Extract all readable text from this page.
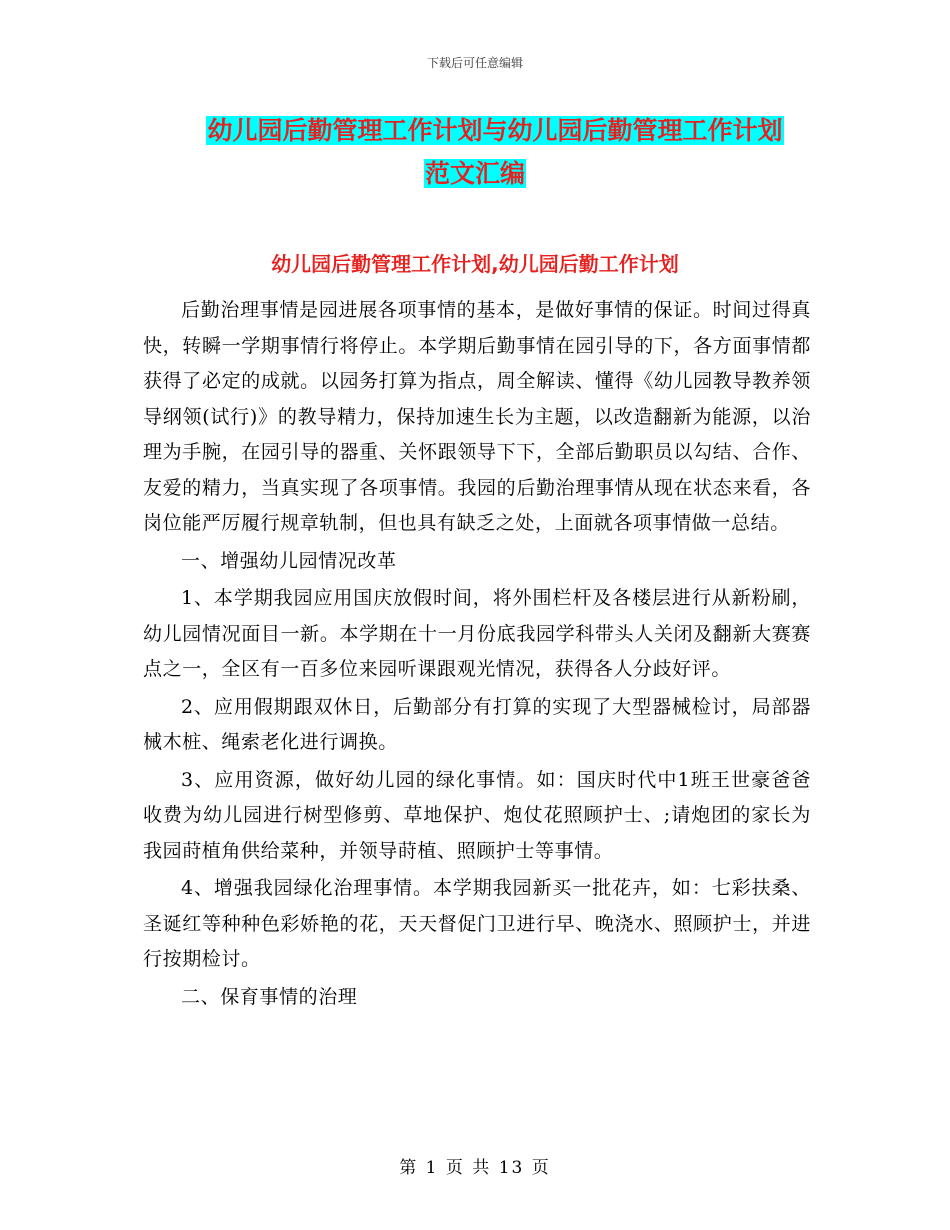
下载后可任意编辑
幼儿园后勤管理工作计划与幼儿园后勤管理工作计划
范文汇编
幼儿园后勤管理工作计划,幼儿园后勤工作计划

后勤治理事情是园进展各项事情的基本，是做好事情的保证。时间过得真快，转瞬一学期事情行将停止。本学期后勤事情在园引导的下，各方面事情都获得了必定的成就。以园务打算为指点，周全解读、懂得《幼儿园教导教养领导纲领(试行)》的教导精力，保持加速生长为主题，以改造翻新为能源，以治理为手腕，在园引导的器重、关怀跟领导下下，全部后勤职员以勾结、合作、友爱的精力，当真实现了各项事情。我园的后勤治理事情从现在状态来看，各岗位能严厉履行规章轨制，但也具有缺乏之处，上面就各项事情做一总结。

一、增强幼儿园情况改革

1、本学期我园应用国庆放假时间，将外围栏杆及各楼层进行从新粉刷，幼儿园情况面目一新。本学期在十一月份底我园学科带头人关闭及翻新大赛赛点之一，全区有一百多位来园听课跟观光情况，获得各人分歧好评。

2、应用假期跟双休日，后勤部分有打算的实现了大型器械检讨，局部器械木桩、绳索老化进行调换。

3、应用资源，做好幼儿园的绿化事情。如：国庆时代中1班王世豪爸爸收费为幼儿园进行树型修剪、草地保护、炮仗花照顾护士、;请炮团的家长为我园莳植角供给菜种，并领导莳植、照顾护士等事情。

4、增强我园绿化治理事情。本学期我园新买一批花卉，如：七彩扶桑、圣诞红等种种色彩娇艳的花，天天督促门卫进行早、晚浇水、照顾护士，并进行按期检讨。

二、保育事情的治理

第 1 页 共 13 页
